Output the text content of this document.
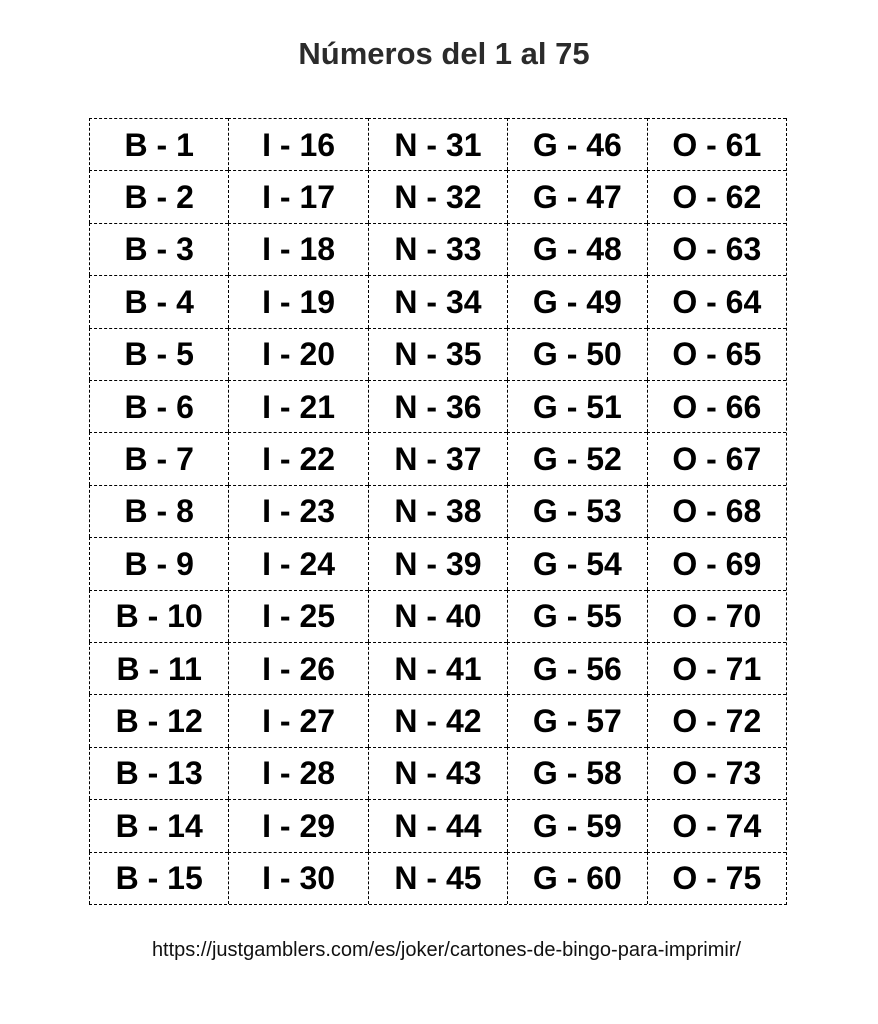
Números del 1 al 75
B - 1	I - 16	N - 31	G - 46	O - 61
B - 2	I - 17	N - 32	G - 47	O - 62
B - 3	I - 18	N - 33	G - 48	O - 63
B - 4	I - 19	N - 34	G - 49	O - 64
B - 5	I - 20	N - 35	G - 50	O - 65
B - 6	I - 21	N - 36	G - 51	O - 66
B - 7	I - 22	N - 37	G - 52	O - 67
B - 8	I - 23	N - 38	G - 53	O - 68
B - 9	I - 24	N - 39	G - 54	O - 69
B - 10	I - 25	N - 40	G - 55	O - 70
B - 11	I - 26	N - 41	G - 56	O - 71
B - 12	I - 27	N - 42	G - 57	O - 72
B - 13	I - 28	N - 43	G - 58	O - 73
B - 14	I - 29	N - 44	G - 59	O - 74
B - 15	I - 30	N - 45	G - 60	O - 75
https://justgamblers.com/es/joker/cartones-de-bingo-para-imprimir/
